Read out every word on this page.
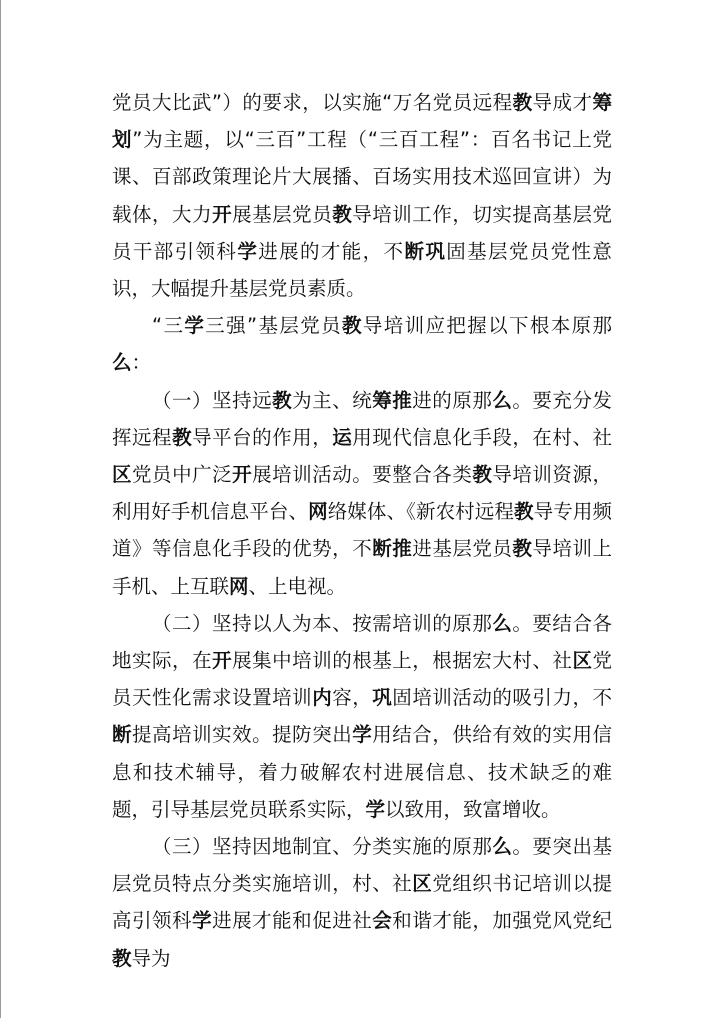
党员大比武”）的要求，以实施“万名党员远程教导成才筹划”为主题，以“三百”工程（“三百工程”：百名书记上党课、百部政策理论片大展播、百场实用技术巡回宣讲）为载体，大力开展基层党员教导培训工作，切实提高基层党员干部引领科学进展的才能，不断巩固基层党员党性意识，大幅提升基层党员素质。

“三学三强”基层党员教导培训应把握以下根本原那么：

（一）坚持远教为主、统筹推进的原那么。要充分发挥远程教导平台的作用，运用现代信息化手段，在村、社区党员中广泛开展培训活动。要整合各类教导培训资源，利用好手机信息平台、网络媒体、《新农村远程教导专用频道》等信息化手段的优势，不断推进基层党员教导培训上手机、上互联网、上电视。

（二）坚持以人为本、按需培训的原那么。要结合各地实际，在开展集中培训的根基上，根据宏大村、社区党员天性化需求设置培训内容，巩固培训活动的吸引力，不断提高培训实效。提防突出学用结合，供给有效的实用信息和技术辅导，着力破解农村进展信息、技术缺乏的难题，引导基层党员联系实际，学以致用，致富增收。

（三）坚持因地制宜、分类实施的原那么。要突出基层党员特点分类实施培训，村、社区党组织书记培训以提高引领科学进展才能和促进社会和谐才能，加强党风党纪教导为
